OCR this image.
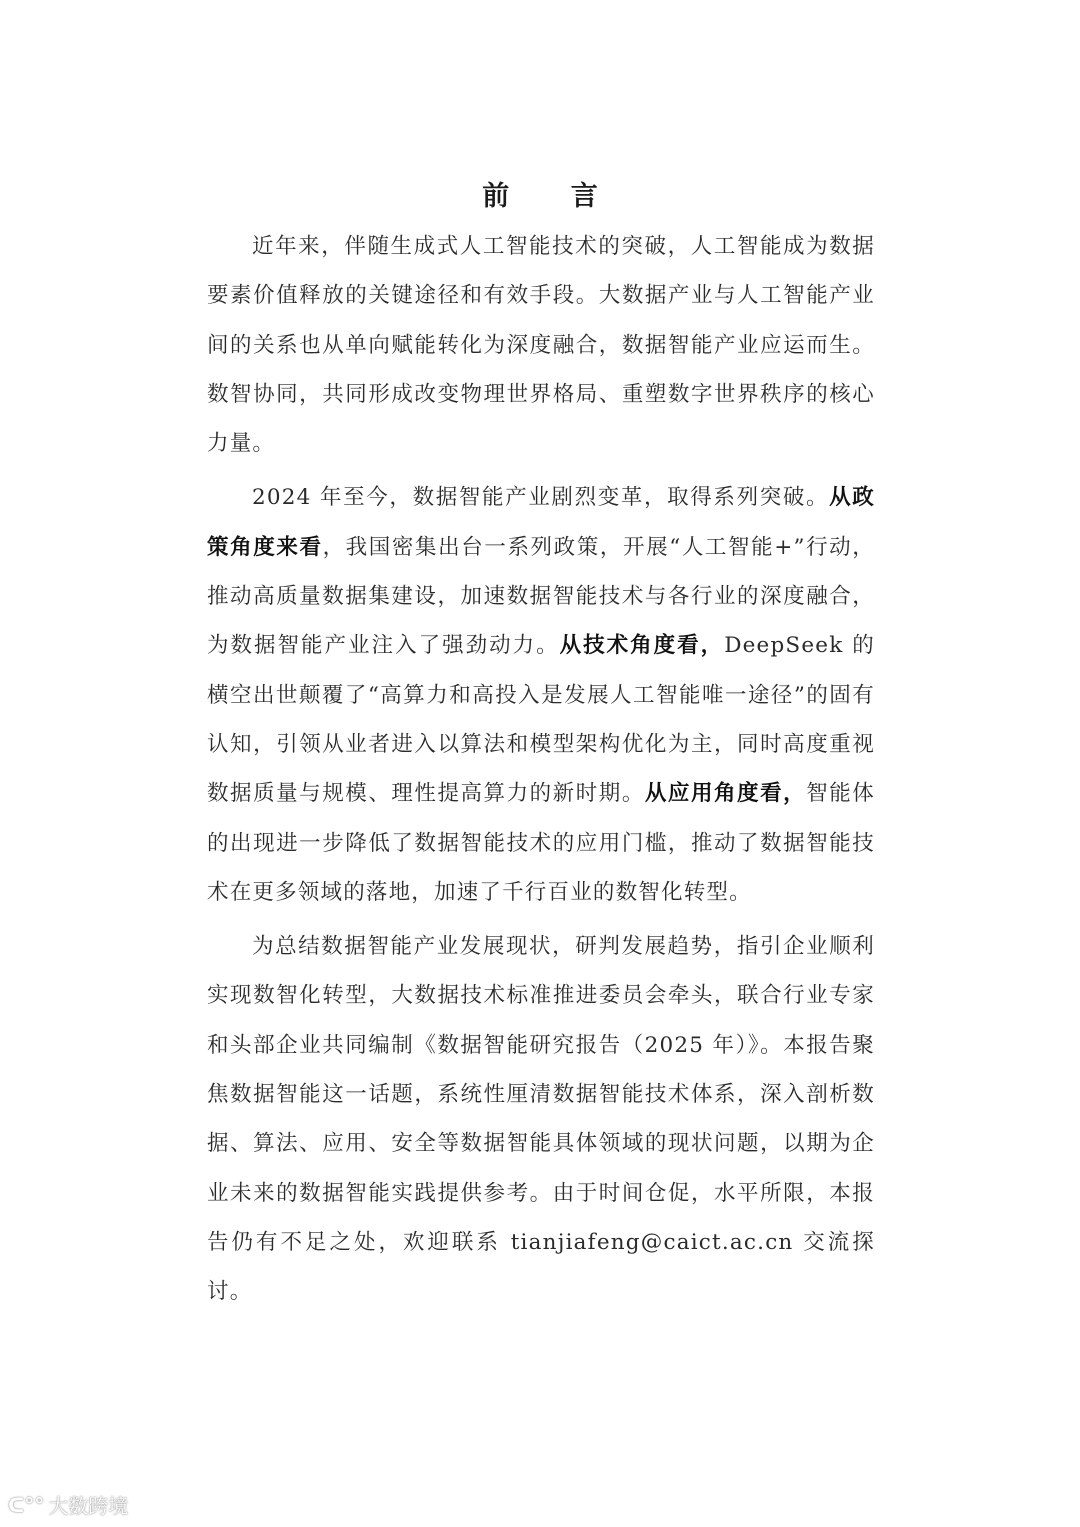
前 言

近年来，伴随生成式人工智能技术的突破，人工智能成为数据要素价值释放的关键途径和有效手段。大数据产业与人工智能产业间的关系也从单向赋能转化为深度融合，数据智能产业应运而生。数智协同，共同形成改变物理世界格局、重塑数字世界秩序的核心力量。

2024 年至今，数据智能产业剧烈变革，取得系列突破。从政策角度来看，我国密集出台一系列政策，开展“人工智能+”行动，推动高质量数据集建设，加速数据智能技术与各行业的深度融合，为数据智能产业注入了强劲动力。从技术角度看，DeepSeek 的横空出世颠覆了“高算力和高投入是发展人工智能唯一途径”的固有认知，引领从业者进入以算法和模型架构优化为主，同时高度重视数据质量与规模、理性提高算力的新时期。从应用角度看，智能体的出现进一步降低了数据智能技术的应用门槛，推动了数据智能技术在更多领域的落地，加速了千行百业的数智化转型。

为总结数据智能产业发展现状，研判发展趋势，指引企业顺利实现数智化转型，大数据技术标准推进委员会牵头，联合行业专家和头部企业共同编制《数据智能研究报告（2025 年）》。本报告聚焦数据智能这一话题，系统性厘清数据智能技术体系，深入剖析数据、算法、应用、安全等数据智能具体领域的现状问题，以期为企业未来的数据智能实践提供参考。由于时间仓促，水平所限，本报告仍有不足之处，欢迎联系 tianjiafeng@caict.ac.cn 交流探讨。

ᑕ°° 大数跨境
